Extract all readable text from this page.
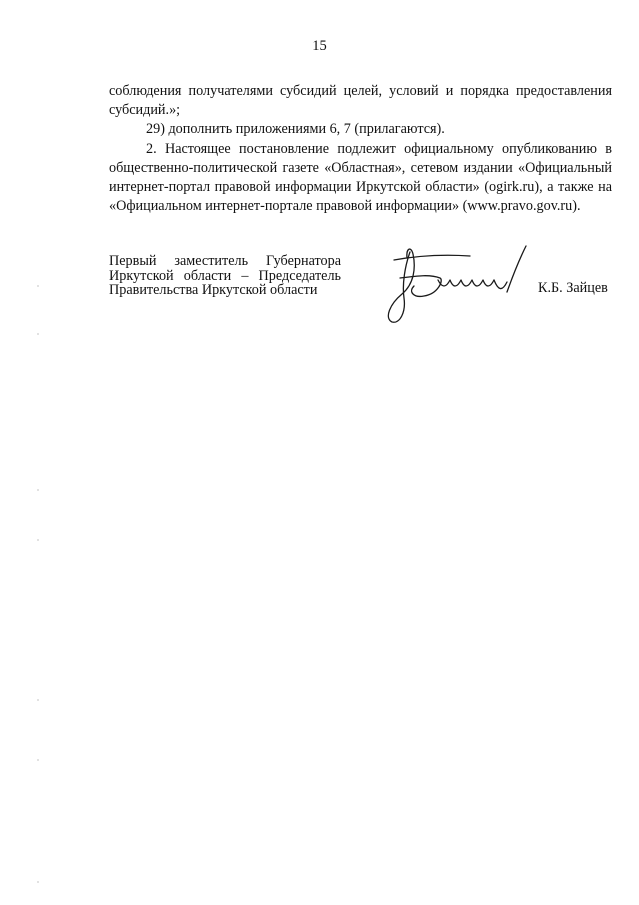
15

соблюдения получателями субсидий целей, условий и порядка предоставления субсидий.»;

29) дополнить приложениями 6, 7 (прилагаются).

2. Настоящее постановление подлежит официальному опубликованию в общественно-политической газете «Областная», сетевом издании «Официальный интернет-портал правовой информации Иркутской области» (ogirk.ru), а также на «Официальном интернет-портале правовой информации» (www.pravo.gov.ru).

Первый заместитель Губернатора
Иркутской области – Председатель
Правительства Иркутской области	К.Б. Зайцев
